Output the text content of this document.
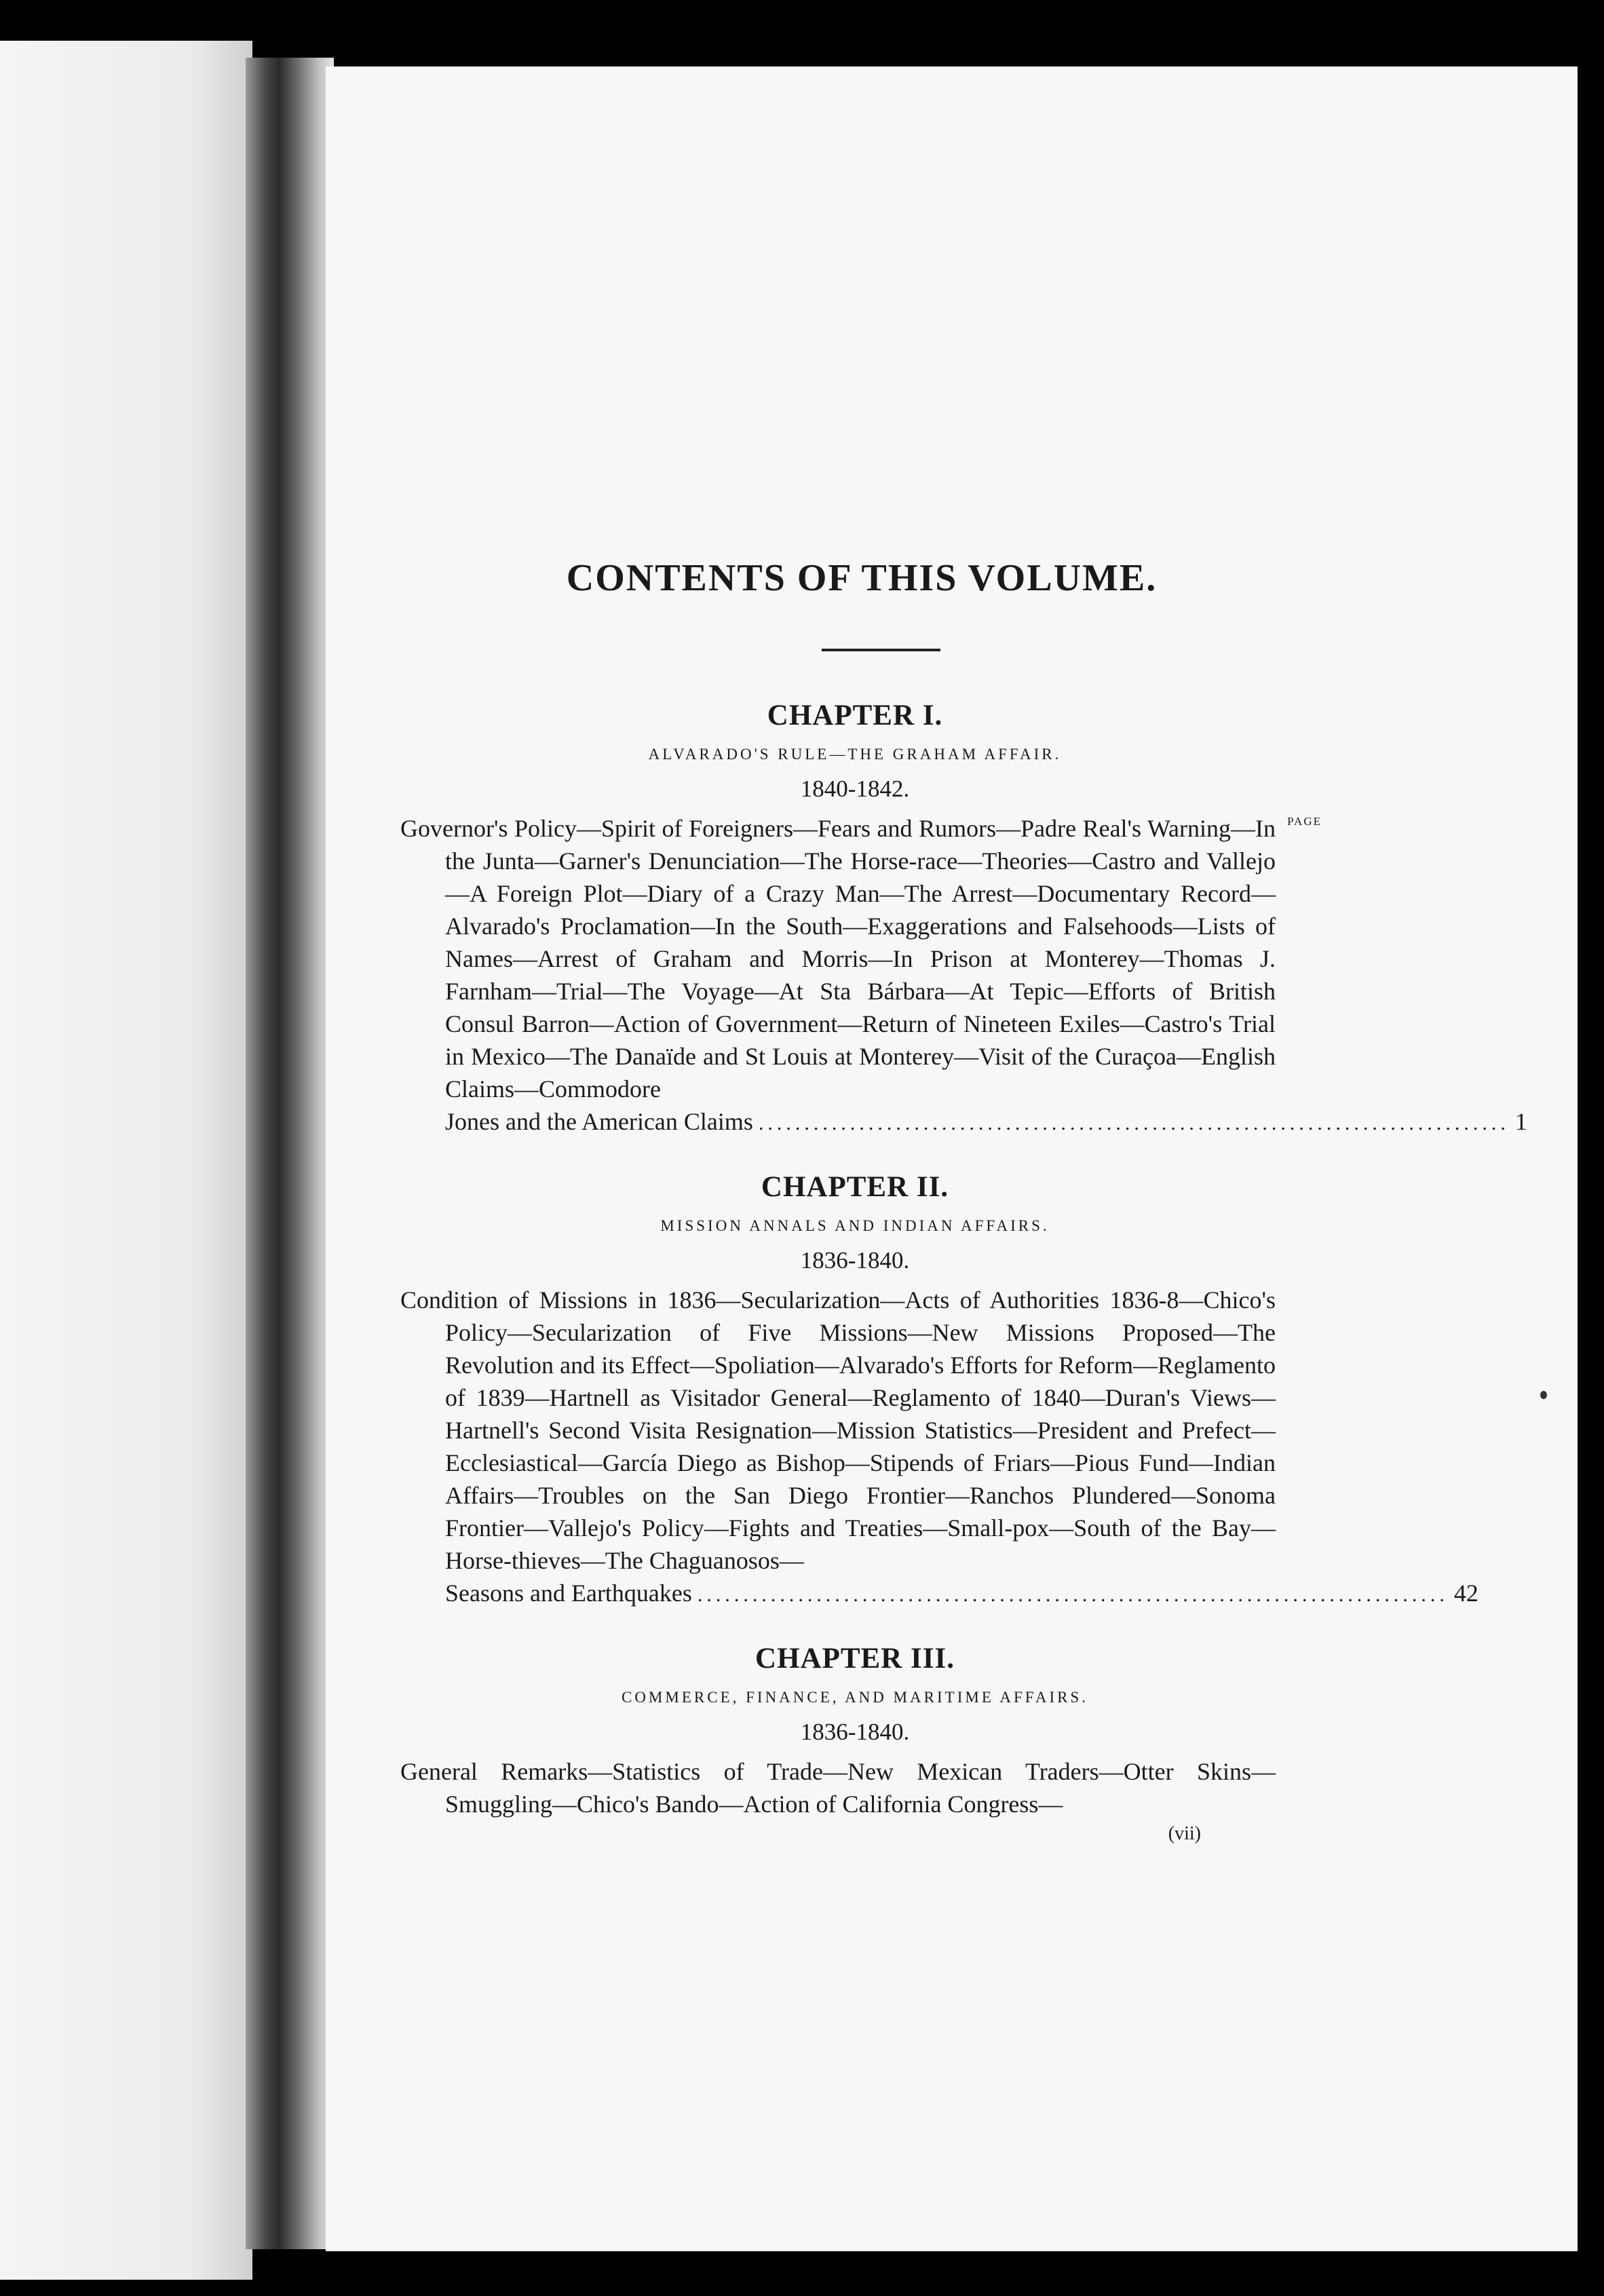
CONTENTS OF THIS VOLUME.
CHAPTER I.

ALVARADO'S RULE—THE GRAHAM AFFAIR.

1840-1842.

PAGE

Governor's Policy—Spirit of Foreigners—Fears and Rumors—Padre Real's Warning—In the Junta—Garner's Denunciation—The Horse-race—Theories—Castro and Vallejo—A Foreign Plot—Diary of a Crazy Man—The Arrest—Documentary Record—Alvarado's Proclamation—In the South—Exaggerations and Falsehoods—Lists of Names—Arrest of Graham and Morris—In Prison at Monterey—Thomas J. Farnham—Trial—The Voyage—At Sta Bárbara—At Tepic—Efforts of British Consul Barron—Action of Government—Return of Nineteen Exiles—Castro's Trial in Mexico—The Danaïde and St Louis at Monterey—Visit of the Curaçoa—English Claims—Commodore

Jones and the American Claims .................................................................................. 1
CHAPTER II.

MISSION ANNALS AND INDIAN AFFAIRS.

1836-1840.

Condition of Missions in 1836—Secularization—Acts of Authorities 1836-8—Chico's Policy—Secularization of Five Missions—New Missions Proposed—The Revolution and its Effect—Spoliation—Alvarado's Efforts for Reform—Reglamento of 1839—Hartnell as Visitador General—Reglamento of 1840—Duran's Views—Hartnell's Second Visita Resignation—Mission Statistics—President and Prefect—Ecclesiastical—García Diego as Bishop—Stipends of Friars—Pious Fund—Indian Affairs—Troubles on the San Diego Frontier—Ranchos Plundered—Sonoma Frontier—Vallejo's Policy—Fights and Treaties—Small-pox—South of the Bay—Horse-thieves—The Chaguanosos—

Seasons and Earthquakes .................................................................................. 42
CHAPTER III.

COMMERCE, FINANCE, AND MARITIME AFFAIRS.

1836-1840.

General Remarks—Statistics of Trade—New Mexican Traders—Otter Skins—Smuggling—Chico's Bando—Action of California Congress—

(vii)
